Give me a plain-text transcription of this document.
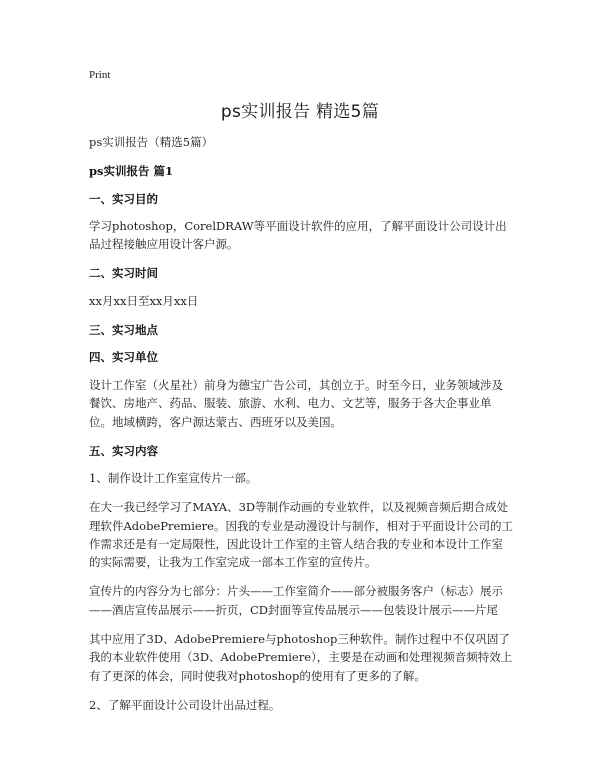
Print
ps实训报告 精选5篇
ps实训报告（精选5篇）
ps实训报告 篇1
一、实习目的
学习photoshop，CorelDRAW等平面设计软件的应用，了解平面设计公司设计出品过程接触应用设计客户源。
二、实习时间
xx月xx日至xx月xx日
三、实习地点
四、实习单位
设计工作室（火星社）前身为德宝广告公司，其创立于。时至今日，业务领域涉及餐饮、房地产、药品、服装、旅游、水利、电力、文艺等，服务于各大企事业单位。地域横跨，客户源达蒙古、西班牙以及美国。
五、实习内容
1、制作设计工作室宣传片一部。
在大一我已经学习了MAYA、3D等制作动画的专业软件，以及视频音频后期合成处理软件AdobePremiere。因我的专业是动漫设计与制作，相对于平面设计公司的工作需求还是有一定局限性，因此设计工作室的主管人结合我的专业和本设计工作室的实际需要，让我为工作室完成一部本工作室的宣传片。
宣传片的内容分为七部分：片头——工作室简介——部分被服务客户（标志）展示——酒店宣传品展示——折页，CD封面等宣传品展示——包装设计展示——片尾
其中应用了3D、AdobePremiere与photoshop三种软件。制作过程中不仅巩固了我的本业软件使用（3D、AdobePremiere），主要是在动画和处理视频音频特效上有了更深的体会，同时使我对photoshop的使用有了更多的了解。
2、了解平面设计公司设计出品过程。
